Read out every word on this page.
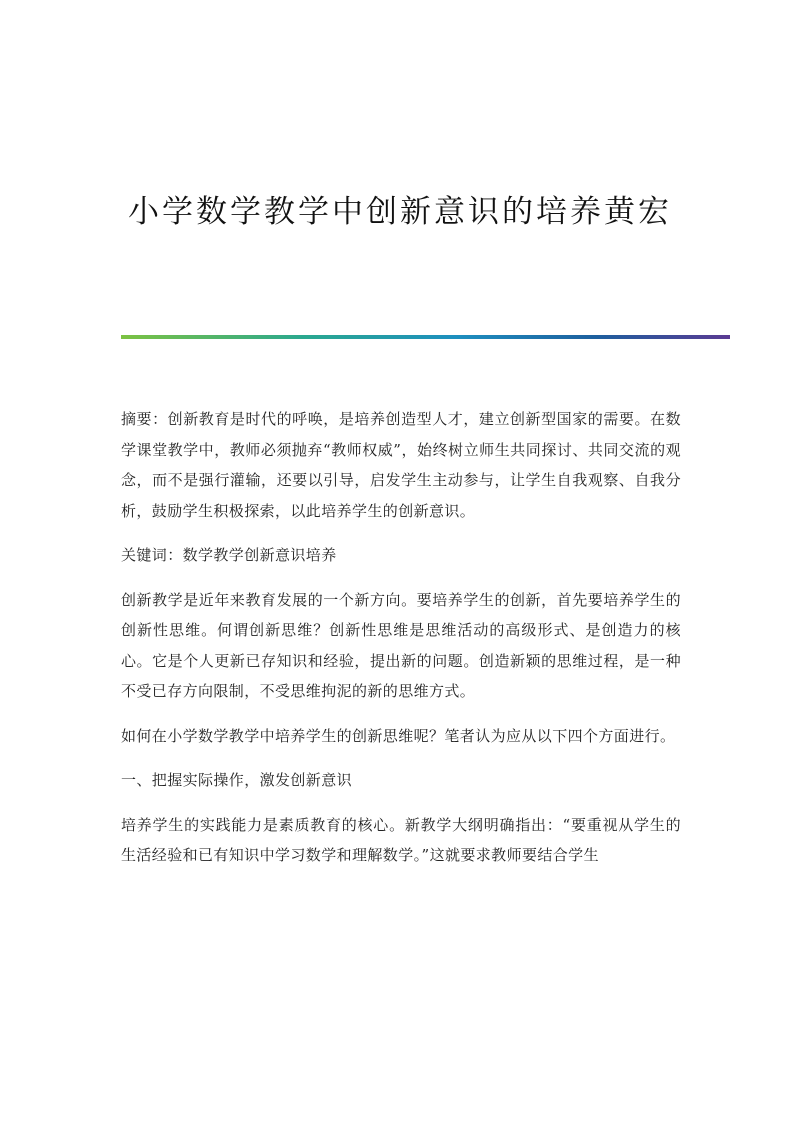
小学数学教学中创新意识的培养黄宏

摘要：创新教育是时代的呼唤，是培养创造型人才，建立创新型国家的需要。在数学课堂教学中，教师必须抛弃“教师权威”，始终树立师生共同探讨、共同交流的观念，而不是强行灌输，还要以引导，启发学生主动参与，让学生自我观察、自我分析，鼓励学生积极探索，以此培养学生的创新意识。

关键词：数学教学创新意识培养

创新教学是近年来教育发展的一个新方向。要培养学生的创新，首先要培养学生的创新性思维。何谓创新思维？创新性思维是思维活动的高级形式、是创造力的核心。它是个人更新已存知识和经验，提出新的问题。创造新颖的思维过程，是一种不受已存方向限制，不受思维拘泥的新的思维方式。

如何在小学数学教学中培养学生的创新思维呢？笔者认为应从以下四个方面进行。

一、把握实际操作，激发创新意识

培养学生的实践能力是素质教育的核心。新教学大纲明确指出：“要重视从学生的生活经验和已有知识中学习数学和理解数学。”这就要求教师要结合学生
